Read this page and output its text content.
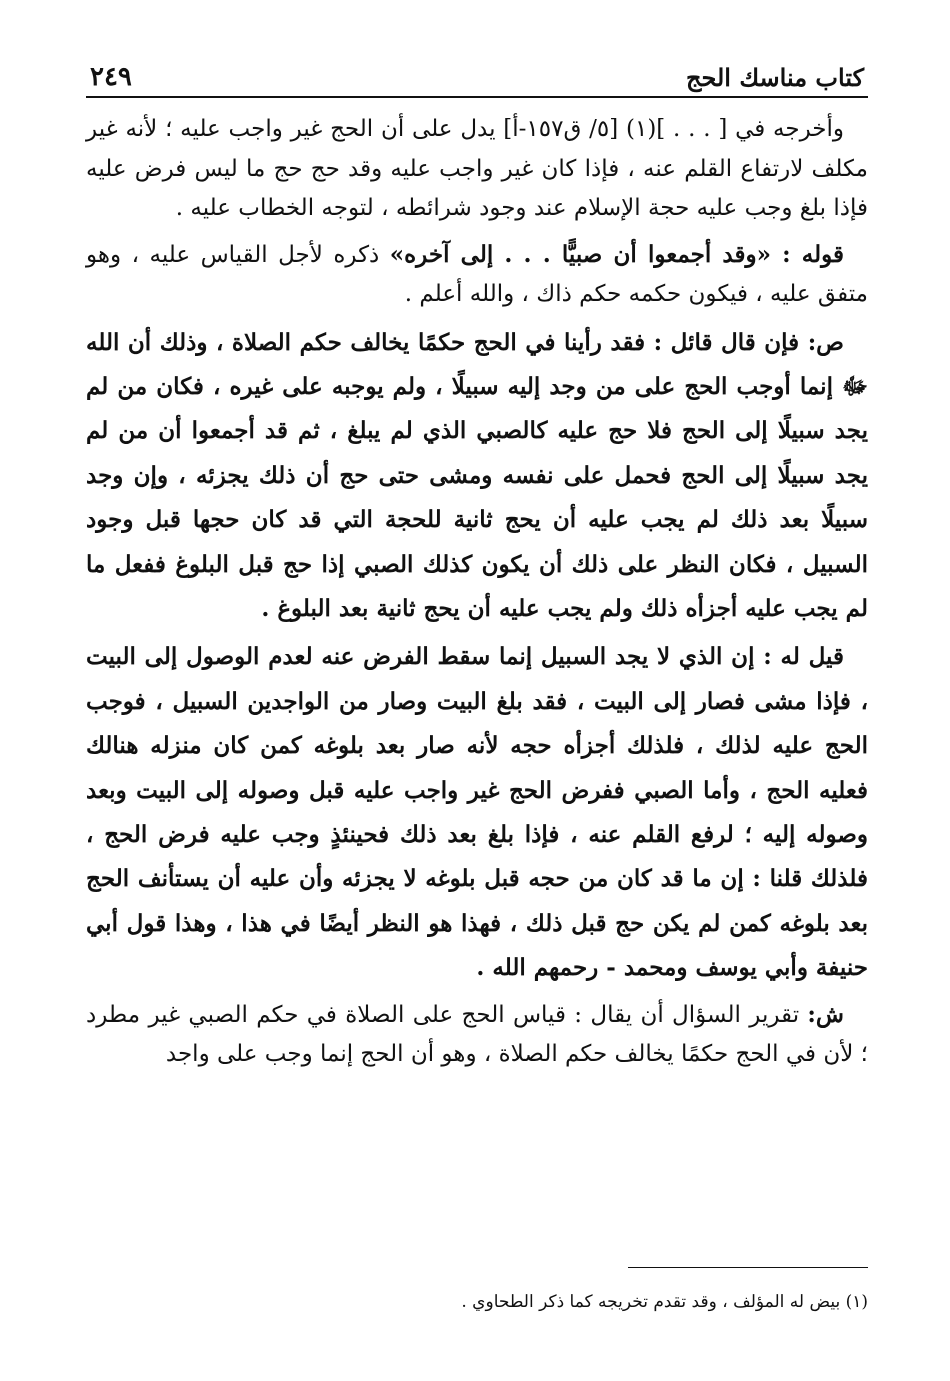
كتاب مناسك الحج
٢٤٩

وأخرجه في [ . . . ](١) [٥/ ق١٥٧-أ] يدل على أن الحج غير واجب عليه ؛ لأنه غير مكلف لارتفاع القلم عنه ، فإذا كان غير واجب عليه وقد حج حج ما ليس فرض عليه فإذا بلغ وجب عليه حجة الإسلام عند وجود شرائطه ، لتوجه الخطاب عليه .

قوله : «وقد أجمعوا أن صبيًّا . . . إلى آخره» ذكره لأجل القياس عليه ، وهو متفق عليه ، فيكون حكمه حكم ذاك ، والله أعلم .

ص: فإن قال قائل : فقد رأينا في الحج حكمًا يخالف حكم الصلاة ، وذلك أن الله ﷻ إنما أوجب الحج على من وجد إليه سبيلًا ، ولم يوجبه على غيره ، فكان من لم يجد سبيلًا إلى الحج فلا حج عليه كالصبي الذي لم يبلغ ، ثم قد أجمعوا أن من لم يجد سبيلًا إلى الحج فحمل على نفسه ومشى حتى حج أن ذلك يجزئه ، وإن وجد سبيلًا بعد ذلك لم يجب عليه أن يحج ثانية للحجة التي قد كان حجها قبل وجود السبيل ، فكان النظر على ذلك أن يكون كذلك الصبي إذا حج قبل البلوغ ففعل ما لم يجب عليه أجزأه ذلك ولم يجب عليه أن يحج ثانية بعد البلوغ .

قيل له : إن الذي لا يجد السبيل إنما سقط الفرض عنه لعدم الوصول إلى البيت ، فإذا مشى فصار إلى البيت ، فقد بلغ البيت وصار من الواجدين السبيل ، فوجب الحج عليه لذلك ، فلذلك أجزأه حجه لأنه صار بعد بلوغه كمن كان منزله هنالك فعليه الحج ، وأما الصبي ففرض الحج غير واجب عليه قبل وصوله إلى البيت وبعد وصوله إليه ؛ لرفع القلم عنه ، فإذا بلغ بعد ذلك فحينئذٍ وجب عليه فرض الحج ، فلذلك قلنا : إن ما قد كان من حجه قبل بلوغه لا يجزئه وأن عليه أن يستأنف الحج بعد بلوغه كمن لم يكن حج قبل ذلك ، فهذا هو النظر أيضًا في هذا ، وهذا قول أبي حنيفة وأبي يوسف ومحمد - رحمهم الله .

ش: تقرير السؤال أن يقال : قياس الحج على الصلاة في حكم الصبي غير مطرد ؛ لأن في الحج حكمًا يخالف حكم الصلاة ، وهو أن الحج إنما وجب على واجد

(١) بيض له المؤلف ، وقد تقدم تخريجه كما ذكر الطحاوي .
